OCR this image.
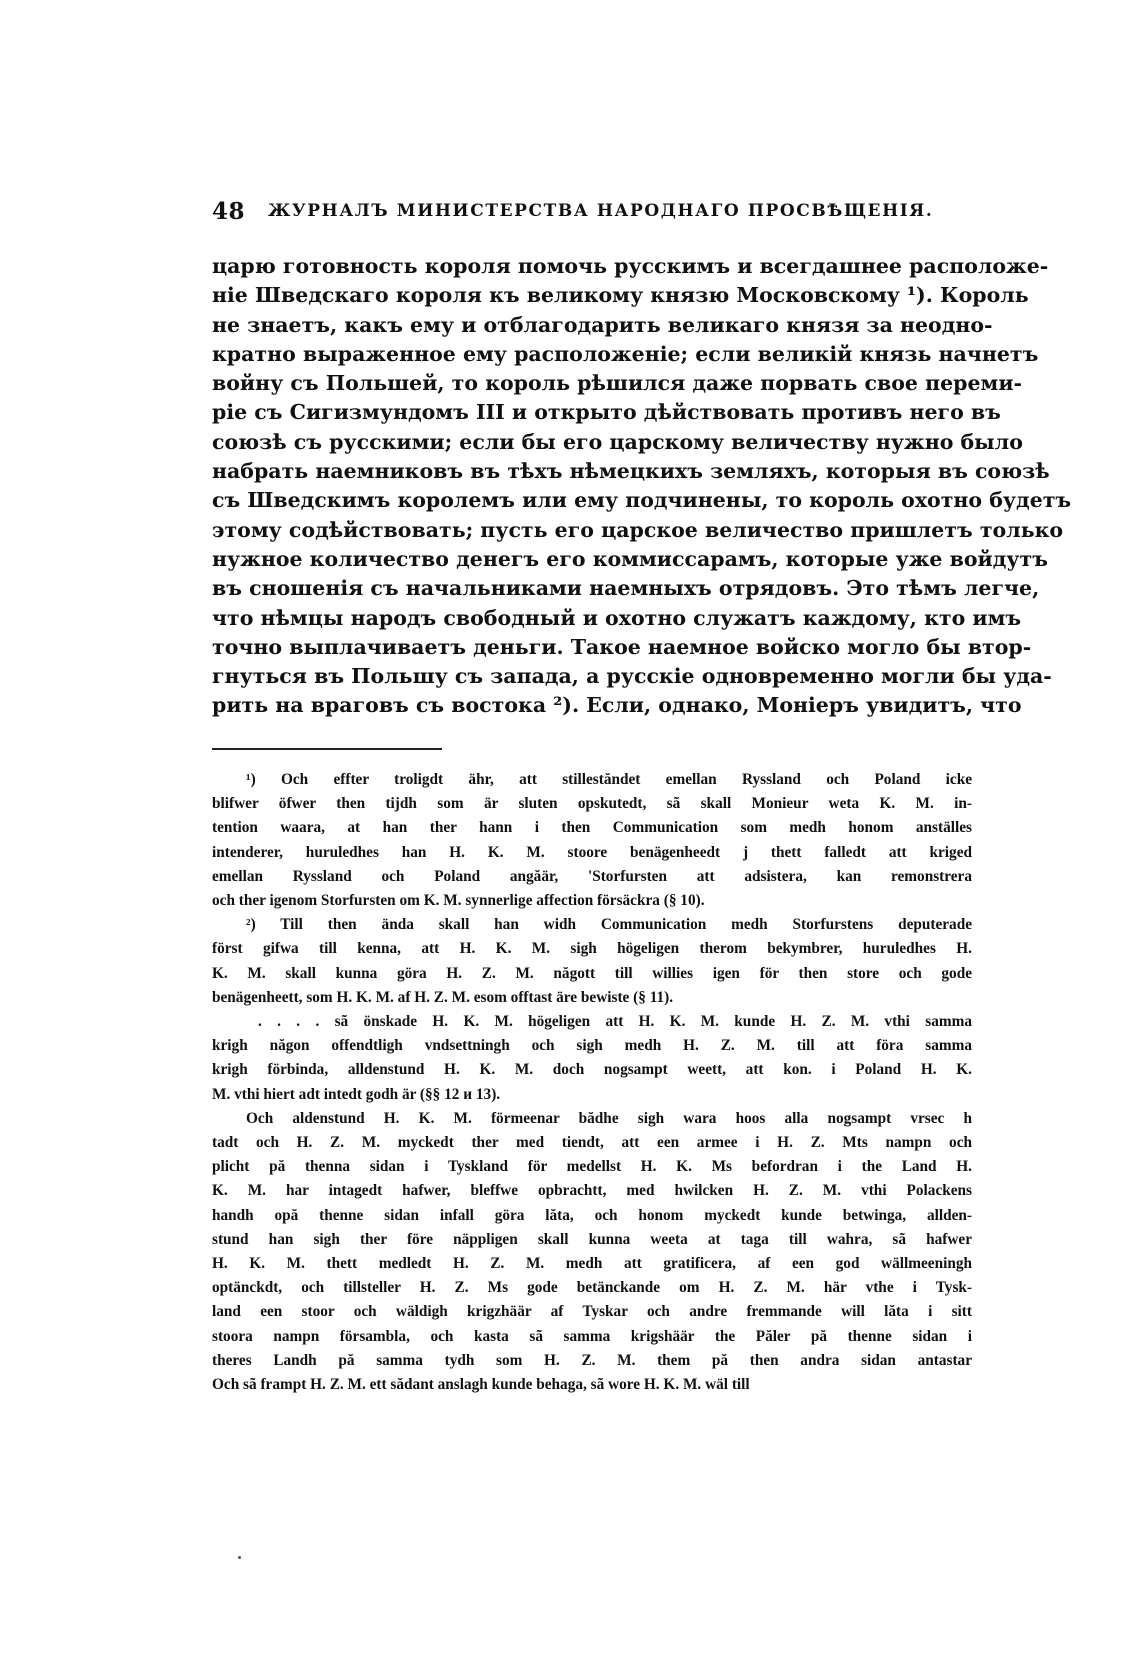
48 ЖУРНАЛЪ МИНИСТЕРСТВА НАРОДНАГО ПРОСВѢЩЕНІЯ.
царю готовность короля помочь русскимъ и всегдашнее расположе-
ніе Шведскаго короля къ великому князю Московскому ¹). Король
не знаетъ, какъ ему и отблагодарить великаго князя за неодно-
кратно выраженное ему расположеніе; если великій князь начнетъ
войну съ Польшей, то король рѣшился даже порвать свое переми-
ріе съ Сигизмундомъ III и открыто дѣйствовать противъ него въ
союзѣ съ русскими; если бы его царскому величеству нужно было
набрать наемниковъ въ тѣхъ нѣмецкихъ земляхъ, которыя въ союзѣ
съ Шведскимъ королемъ или ему подчинены, то король охотно будетъ
этому содѣйствовать; пусть его царское величество пришлетъ только
нужное количество денегъ его коммиссарамъ, которые уже войдутъ
въ сношенія съ начальниками наемныхъ отрядовъ. Это тѣмъ легче,
что нѣмцы народъ свободный и охотно служатъ каждому, кто имъ
точно выплачиваетъ деньги. Такое наемное войско могло бы втор-
гнуться въ Польшу съ запада, а русскіе одновременно могли бы уда-
рить на враговъ съ востока ²). Если, однако, Моніеръ увидитъ, что
¹) Och effter troligdt ähr, att stillestăndet emellan Ryssland och Poland icke
blifwer öfwer then tijdh som är sluten opskutedt, sã skall Monieur weta K. M. in-
tention waara, at han ther hann i then Communication som medh honom anställes
intenderer, huruledhes han H. K. M. stoore benägenheedt j thett falledt att kriged
emellan Ryssland och Poland angăär, 'Storfursten att adsistera, kan remonstrera
och ther igenom Storfursten om K. M. synnerlige affection försäckra (§ 10).
²) Till then ända skall han widh Communication medh Storfurstens deputerade
först gifwa till kenna, att H. K. M. sigh högeligen therom bekymbrer, huruledhes H.
K. M. skall kunna göra H. Z. M. năgott till willies igen för then store och gode
benägenheett, som H. K. M. af H. Z. M. esom offtast äre bewiste (§ 11).
. . . . sã önskade H. K. M. högeligen att H. K. M. kunde H. Z. M. vthi samma
krigh năgon offendtligh vndsettningh och sigh medh H. Z. M. till att föra samma
krigh förbinda, alldenstund H. K. M. doch nogsampt weett, att kon. i Poland H. K.
M. vthi hiert adt intedt godh är (§§ 12 и 13).
Och aldenstund H. K. M. förmeenar bădhe sigh wara hoos alla nogsampt vrsec h
tadt och H. Z. M. myckedt ther med tiendt, att een armee i H. Z. Mts nampn och
plicht pă thenna sidan i Tyskland för medellst H. K. Ms befordran i the Land H.
K. M. har intagedt hafwer, bleffwe opbrachtt, med hwilcken H. Z. M. vthi Polackens
handh opă thenne sidan infall göra lăta, och honom myckedt kunde betwinga, allden-
stund han sigh ther före näppligen skall kunna weeta at taga till wahra, sã hafwer
H. K. M. thett medledt H. Z. M. medh att gratificera, af een god wällmeeningh
optänckdt, och tillsteller H. Z. Ms gode betänckande om H. Z. M. här vthe i Tysk-
land een stoor och wäldigh krigzhäär af Tyskar och andre fremmande will lăta i sitt
stoora nampn försambla, och kasta sã samma krigshäär the Păler pă thenne sidan i
theres Landh pă samma tydh som H. Z. M. them pă then andra sidan antastar
Och sã frampt H. Z. M. ett sădant anslagh kunde behaga, sã wore H. K. M. wäl till
